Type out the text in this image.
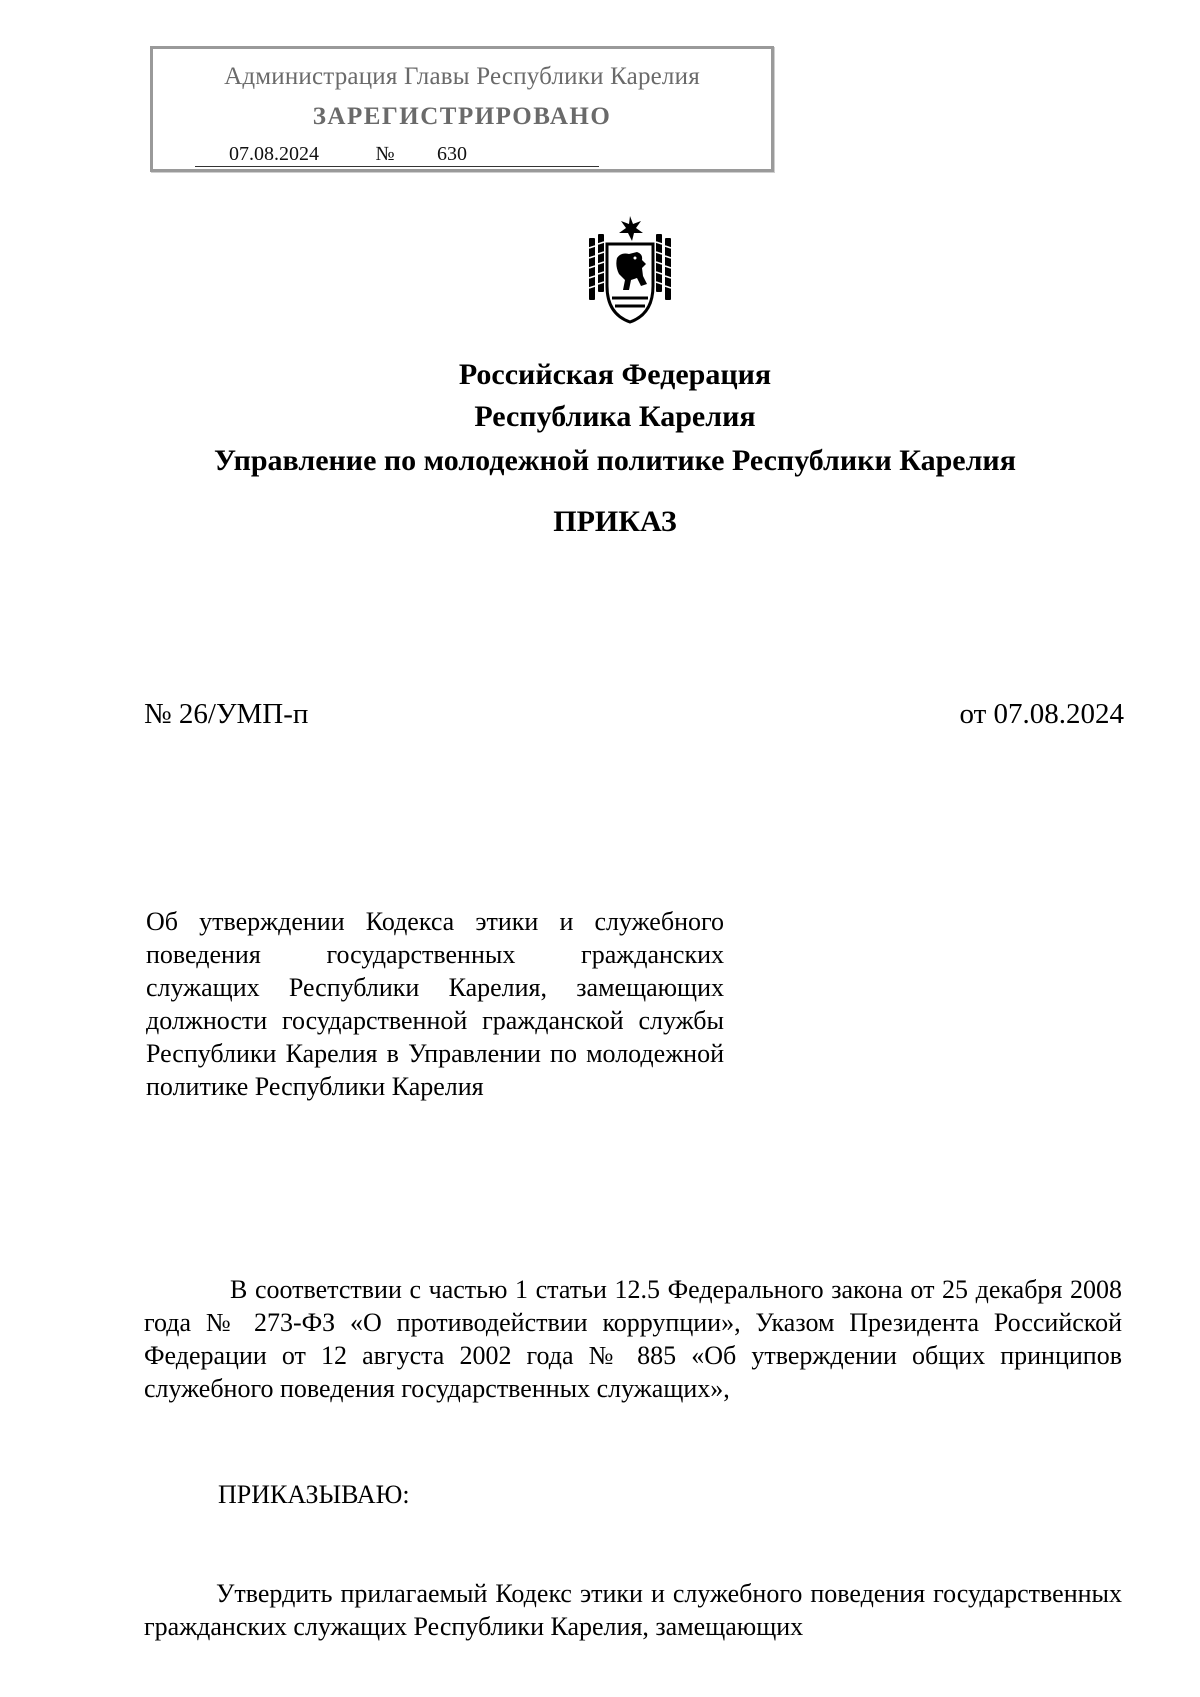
Администрация Главы Республики Карелия
ЗАРЕГИСТРИРОВАНО
07.08.2024	№	630
Российская Федерация
Республика Карелия
Управление по молодежной политике Республики Карелия
ПРИКАЗ
№ 26/УМП-п	от 07.08.2024
Об утверждении Кодекса этики и служебного поведения государственных гражданских служащих Республики Карелия, замещающих должности государственной гражданской службы Республики Карелия в Управлении по молодежной политике Республики Карелия
В соответствии с частью 1 статьи 12.5 Федерального закона от 25 декабря 2008 года № 273-ФЗ «О противодействии коррупции», Указом Президента Российской Федерации от 12 августа 2002 года № 885 «Об утверждении общих принципов служебного поведения государственных служащих»,
ПРИКАЗЫВАЮ:
Утвердить прилагаемый Кодекс этики и служебного поведения государственных гражданских служащих Республики Карелия, замещающих
